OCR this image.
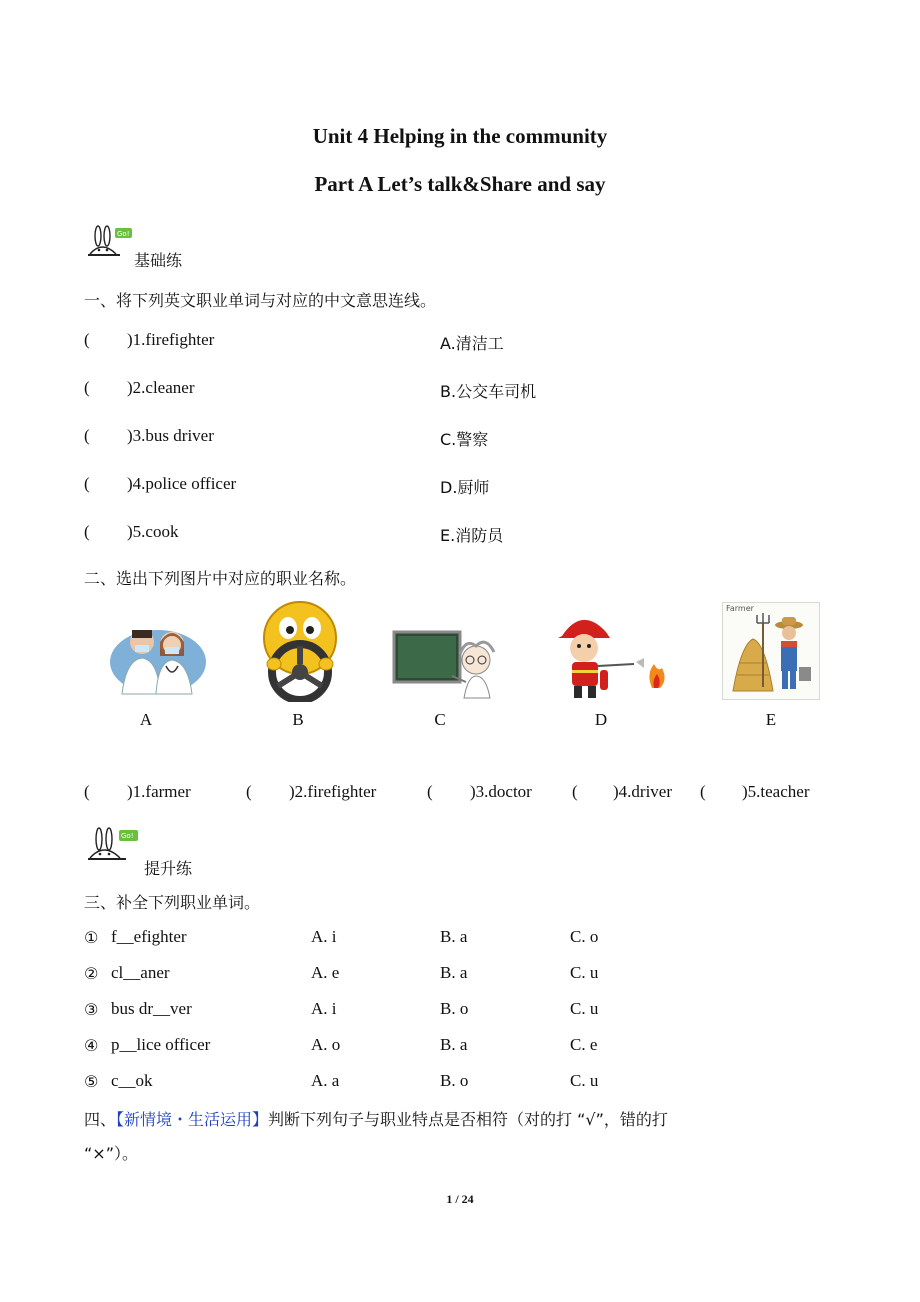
Unit 4 Helping in the community
Part A Let’s talk&Share and say
Go!
基础练
一、将下列英文职业单词与对应的中文意思连线。
( )1.firefighter	A.清洁工
( )2.cleaner	B.公交车司机
( )3.bus driver	C.警察
( )4.police officer	D.厨师
( )5.cook	E.消防员
二、选出下列图片中对应的职业名称。
Farmer
A	B	C	D	E
( )1.farmer	( )2.firefighter	( )3.doctor ( )4.driver ( )5.teacher
Go!
提升练
三、补全下列职业单词。
① f__efighter	A. i	B. a	C. o
② cl__aner	A. e	B. a	C. u
③ bus dr__ver	A. i	B. o	C. u
④ p__lice officer	A. o	B. a	C. e
⑤ c__ok	A. a	B. o	C. u
四、【新情境・生活运用】判断下列句子与职业特点是否相符（对的打 “√”，错的打
“×”）。
1 / 24
